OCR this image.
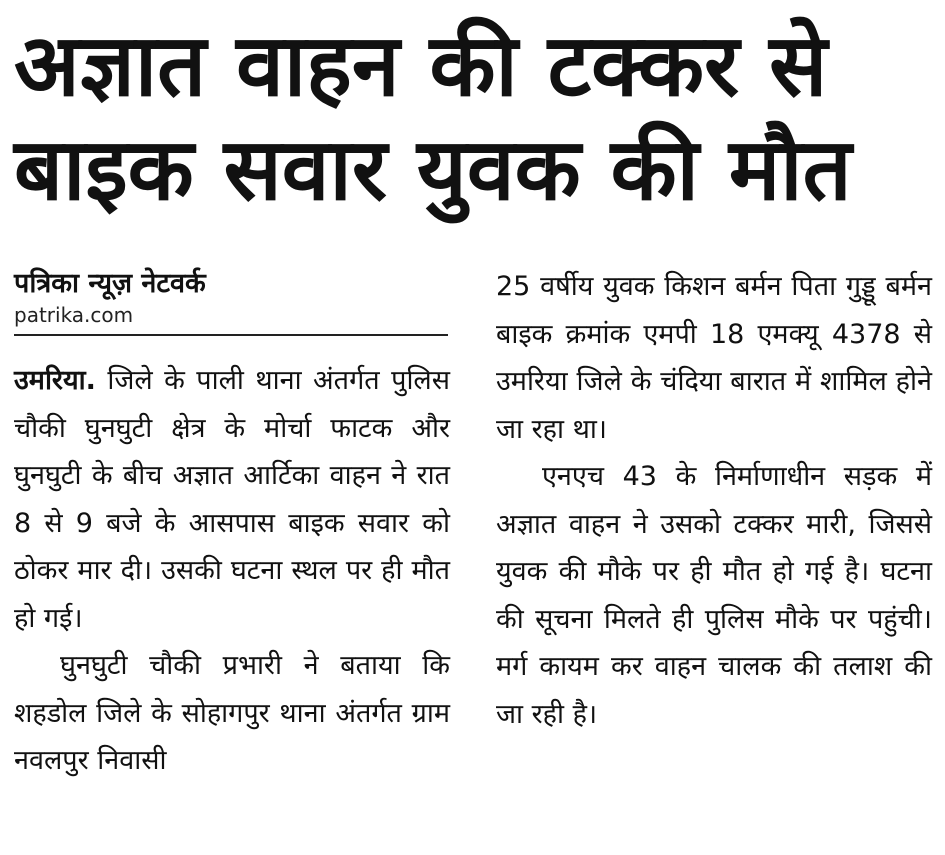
अज्ञात वाहन की टक्कर से
बाइक सवार युवक की मौत
पत्रिका न्यूज़ नेटवर्क
patrika.com

उमरिया. जिले के पाली थाना अंतर्गत पुलिस चौकी घुनघुटी क्षेत्र के मोर्चा फाटक और घुनघुटी के बीच अज्ञात आर्टिका वाहन ने रात 8 से 9 बजे के आसपास बाइक सवार को ठोकर मार दी। उसकी घटना स्थल पर ही मौत हो गई।

घुनघुटी चौकी प्रभारी ने बताया कि शहडोल जिले के सोहागपुर थाना अंतर्गत ग्राम नवलपुर निवासी

25 वर्षीय युवक किशन बर्मन पिता गुड्डू बर्मन बाइक क्रमांक एमपी 18 एमक्यू 4378 से उमरिया जिले के चंदिया बारात में शामिल होने जा रहा था।

एनएच 43 के निर्माणाधीन सड़क में अज्ञात वाहन ने उसको टक्कर मारी, जिससे युवक की मौके पर ही मौत हो गई है। घटना की सूचना मिलते ही पुलिस मौके पर पहुंची। मर्ग कायम कर वाहन चालक की तलाश की जा रही है।
